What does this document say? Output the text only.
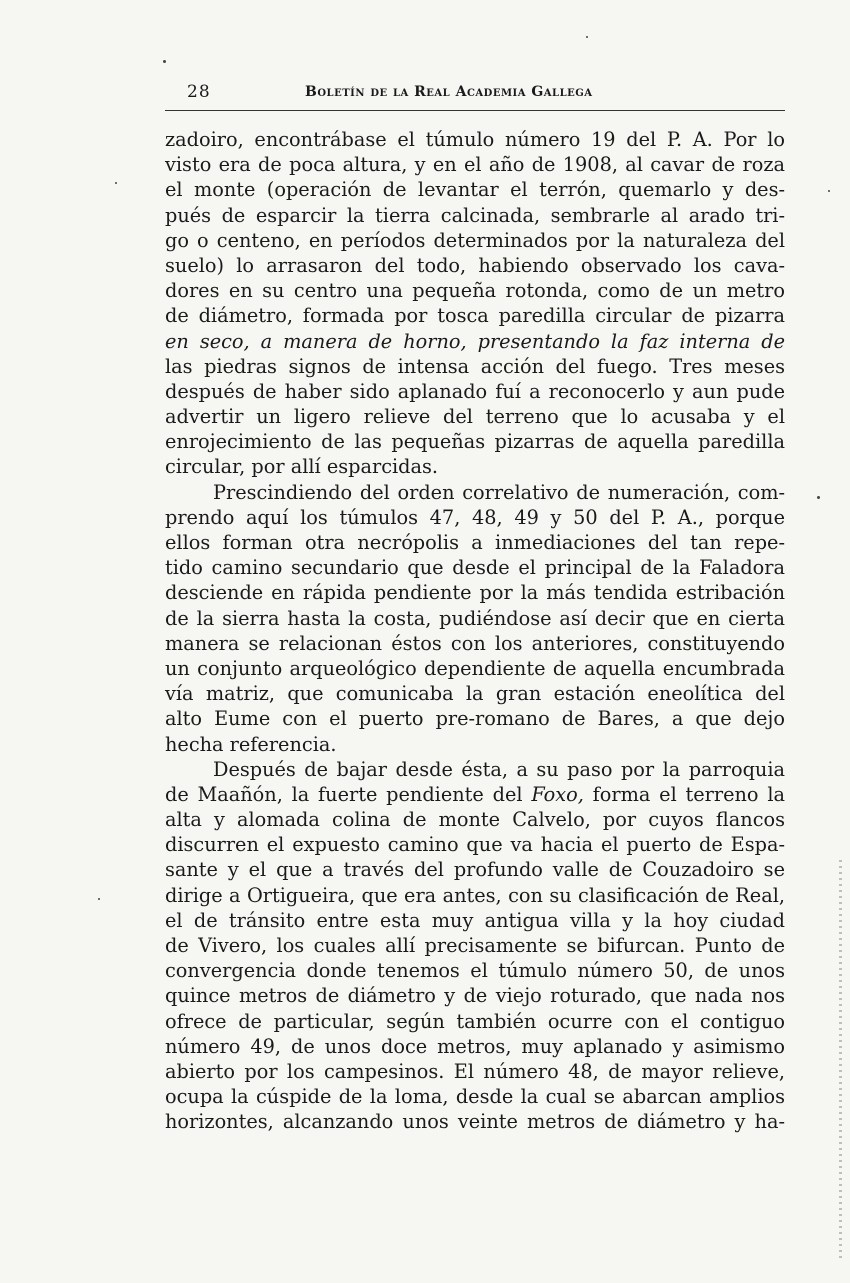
28	Boletín de la Real Academia Gallega
zadoiro, encontrábase el túmulo número 19 del P. A. Por lo
visto era de poca altura, y en el año de 1908, al cavar de roza
el monte (operación de levantar el terrón, quemarlo y des-
pués de esparcir la tierra calcinada, sembrarle al arado tri-
go o centeno, en períodos determinados por la naturaleza del
suelo) lo arrasaron del todo, habiendo observado los cava-
dores en su centro una pequeña rotonda, como de un metro
de diámetro, formada por tosca paredilla circular de pizarra
en seco, a manera de horno, presentando la faz interna de
las piedras signos de intensa acción del fuego. Tres meses
después de haber sido aplanado fuí a reconocerlo y aun pude
advertir un ligero relieve del terreno que lo acusaba y el
enrojecimiento de las pequeñas pizarras de aquella paredilla
circular, por allí esparcidas.
Prescindiendo del orden correlativo de numeración, com-
prendo aquí los túmulos 47, 48, 49 y 50 del P. A., porque
ellos forman otra necrópolis a inmediaciones del tan repe-
tido camino secundario que desde el principal de la Faladora
desciende en rápida pendiente por la más tendida estribación
de la sierra hasta la costa, pudiéndose así decir que en cierta
manera se relacionan éstos con los anteriores, constituyendo
un conjunto arqueológico dependiente de aquella encumbrada
vía matriz, que comunicaba la gran estación eneolítica del
alto Eume con el puerto pre-romano de Bares, a que dejo
hecha referencia.
Después de bajar desde ésta, a su paso por la parroquia
de Maañón, la fuerte pendiente del Foxo, forma el terreno la
alta y alomada colina de monte Calvelo, por cuyos flancos
discurren el expuesto camino que va hacia el puerto de Espa-
sante y el que a través del profundo valle de Couzadoiro se
dirige a Ortigueira, que era antes, con su clasificación de Real,
el de tránsito entre esta muy antigua villa y la hoy ciudad
de Vivero, los cuales allí precisamente se bifurcan. Punto de
convergencia donde tenemos el túmulo número 50, de unos
quince metros de diámetro y de viejo roturado, que nada nos
ofrece de particular, según también ocurre con el contiguo
número 49, de unos doce metros, muy aplanado y asimismo
abierto por los campesinos. El número 48, de mayor relieve,
ocupa la cúspide de la loma, desde la cual se abarcan amplios
horizontes, alcanzando unos veinte metros de diámetro y ha-
